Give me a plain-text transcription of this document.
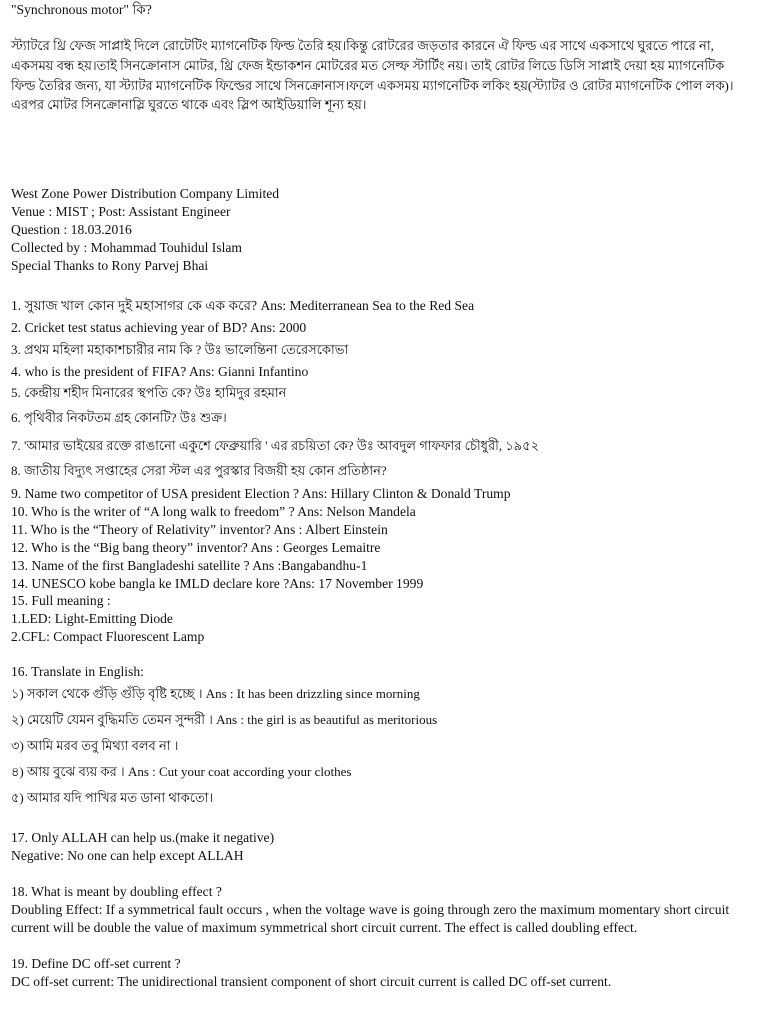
"Synchronous motor" কি?
স্ট্যাটরে থ্রি ফেজ সাপ্লাই দিলে রোটেটিং ম্যাগনেটিক ফিল্ড তৈরি হয়।কিন্তু রোটরের জড়তার কারনে ঐ ফিল্ড এর সাথে একসাথে ঘুরতে পারে না,
একসময় বন্ধ হয়।তাই সিনক্রোনাস মোটর, থ্রি ফেজ ইন্ডাকশন মোটরের মত সেল্ফ স্টার্টিং নয়। তাই রোটর লিডে ডিসি সাপ্লাই দেয়া হয় ম্যাগনেটিক
ফিল্ড তৈরির জন্য, যা স্ট্যাটর ম্যাগনেটিক ফিল্ডের সাথে সিনক্রোনাস।ফলে একসময় ম্যাগনেটিক লকিং হয়(স্ট্যাটর ও রোটর ম্যাগনেটিক পোল লক)।
এরপর মোটর সিনক্রোনাস্লি ঘুরতে থাকে এবং স্লিপ আইডিয়ালি শূন্য হয়।
West Zone Power Distribution Company Limited
Venue : MIST ; Post: Assistant Engineer
Question : 18.03.2016
Collected by : Mohammad Touhidul Islam
Special Thanks to Rony Parvej Bhai
1. সুয়াজ খাল কোন দুই মহাসাগর কে এক করে? Ans: Mediterranean Sea to the Red Sea
2. Cricket test status achieving year of BD? Ans: 2000
3. প্রথম মহিলা মহাকাশচারীর নাম কি ? উঃ ভালেন্তিনা তেরেসকোভা
4. who is the president of FIFA? Ans: Gianni Infantino
5. কেন্দ্রীয় শহীদ মিনারের স্থপতি কে? উঃ হামিদুর রহমান
6. পৃথিবীর নিকটতম গ্রহ কোনটি? উঃ শুক্র।
7. 'আমার ভাইয়ের রক্তে রাঙানো একুশে ফেব্রুয়ারি ' এর রচয়িতা কে? উঃ আবদুল গাফফার চৌধুরী, ১৯৫২
8. জাতীয় বিদ্যুৎ সপ্তাহের সেরা স্টল এর পুরস্কার বিজয়ী হয় কোন প্রতিষ্ঠান?
9. Name two competitor of USA president Election ? Ans: Hillary Clinton & Donald Trump
10. Who is the writer of “A long walk to freedom” ? Ans: Nelson Mandela
11. Who is the “Theory of Relativity” inventor? Ans : Albert Einstein
12. Who is the “Big bang theory” inventor? Ans : Georges Lemaitre
13. Name of the first Bangladeshi satellite ? Ans :Bangabandhu-1
14. UNESCO kobe bangla ke IMLD declare kore ?Ans: 17 November 1999
15. Full meaning :
1.LED: Light-Emitting Diode
2.CFL: Compact Fluorescent Lamp
16. Translate in English:
১) সকাল থেকে গুঁড়ি গুঁড়ি বৃষ্টি হচ্ছে । Ans : It has been drizzling since morning
২) মেয়েটি যেমন বুদ্ধিমতি তেমন সুন্দরী । Ans : the girl is as beautiful as meritorious
৩) আমি মরব তবু মিথ্যা বলব না ।
৪) আয় বুঝে ব্যয় কর । Ans : Cut your coat according your clothes
৫) আমার যদি পাখির মত ডানা থাকতো।
17. Only ALLAH can help us.(make it negative)
Negative: No one can help except ALLAH
18. What is meant by doubling effect ?
Doubling Effect: If a symmetrical fault occurs , when the voltage wave is going through zero the maximum momentary short circuit current will be double the value of maximum symmetrical short circuit current. The effect is called doubling effect.
19. Define DC off-set current ?
DC off-set current: The unidirectional transient component of short circuit current is called DC off-set current.
